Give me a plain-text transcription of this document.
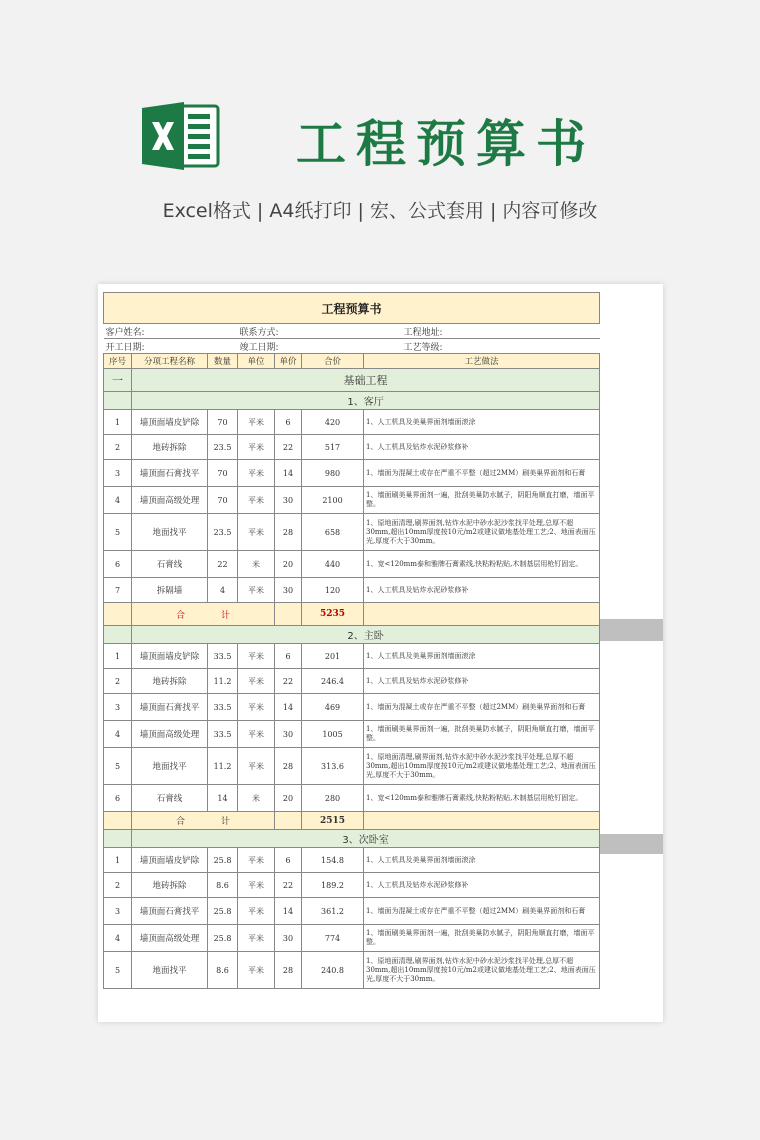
工程预算书
Excel格式 | A4纸打印 | 宏、公式套用 | 内容可修改
工程预算书						
客户姓名:			联系方式:			工程地址:
开工日期:			竣工日期:			工艺等级:
序号	分项工程名称	数量	单位	单价	合价	工艺做法
一	基础工程					
	1、客厅					
1	墙顶面墙皮铲除	70	平米	6	420	1、人工机具及美巢界面剂墙面滚涂
2	地砖拆除	23.5	平米	22	517	1、人工机具及钻炸水泥砂浆修补
3	墙顶面石膏找平	70	平米	14	980	1、墙面为混凝土或存在严重不平整（超过2MM）刷美巢界面剂和石膏
4	墙顶面高级处理	70	平米	30	2100	1、墙面刷美巢界面剂一遍，批刮美巢防水腻子，阴阳角顺直打磨，墙面平整。
5	地面找平	23.5	平米	28	658	1、原地面清理,刷界面剂,钻炸水泥中砂水泥沙浆找平处理,总厚不超30mm,超出10mm厚度按10元/m2或建议做地基处理工艺;2、地面表面压光,厚度不大于30mm。
6	石膏线	22	米	20	440	1、宽<120mm泰和雅牌石膏素线,快粘粉粘贴,木制基层用枪钉固定。
7	拆隔墙	4	平米	30	120	1、人工机具及钻炸水泥砂浆修补
	合 计				5235	
	2、主卧					
1	墙顶面墙皮铲除	33.5	平米	6	201	1、人工机具及美巢界面剂墙面滚涂
2	地砖拆除	11.2	平米	22	246.4	1、人工机具及钻炸水泥砂浆修补
3	墙顶面石膏找平	33.5	平米	14	469	1、墙面为混凝土或存在严重不平整（超过2MM）刷美巢界面剂和石膏
4	墙顶面高级处理	33.5	平米	30	1005	1、墙面刷美巢界面剂一遍，批刮美巢防水腻子，阴阳角顺直打磨，墙面平整。
5	地面找平	11.2	平米	28	313.6	1、原地面清理,刷界面剂,钻炸水泥中砂水泥沙浆找平处理,总厚不超30mm,超出10mm厚度按10元/m2或建议做地基处理工艺;2、地面表面压光,厚度不大于30mm。
6	石膏线	14	米	20	280	1、宽<120mm泰和雅牌石膏素线,快粘粉粘贴,木制基层用枪钉固定。
	合 计				2515	
	3、次卧室					
1	墙顶面墙皮铲除	25.8	平米	6	154.8	1、人工机具及美巢界面剂墙面滚涂
2	地砖拆除	8.6	平米	22	189.2	1、人工机具及钻炸水泥砂浆修补
3	墙顶面石膏找平	25.8	平米	14	361.2	1、墙面为混凝土或存在严重不平整（超过2MM）刷美巢界面剂和石膏
4	墙顶面高级处理	25.8	平米	30	774	1、墙面刷美巢界面剂一遍，批刮美巢防水腻子，阴阳角顺直打磨，墙面平整。
5	地面找平	8.6	平米	28	240.8	1、原地面清理,刷界面剂,钻炸水泥中砂水泥沙浆找平处理,总厚不超30mm,超出10mm厚度按10元/m2或建议做地基处理工艺;2、地面表面压光,厚度不大于30mm。
